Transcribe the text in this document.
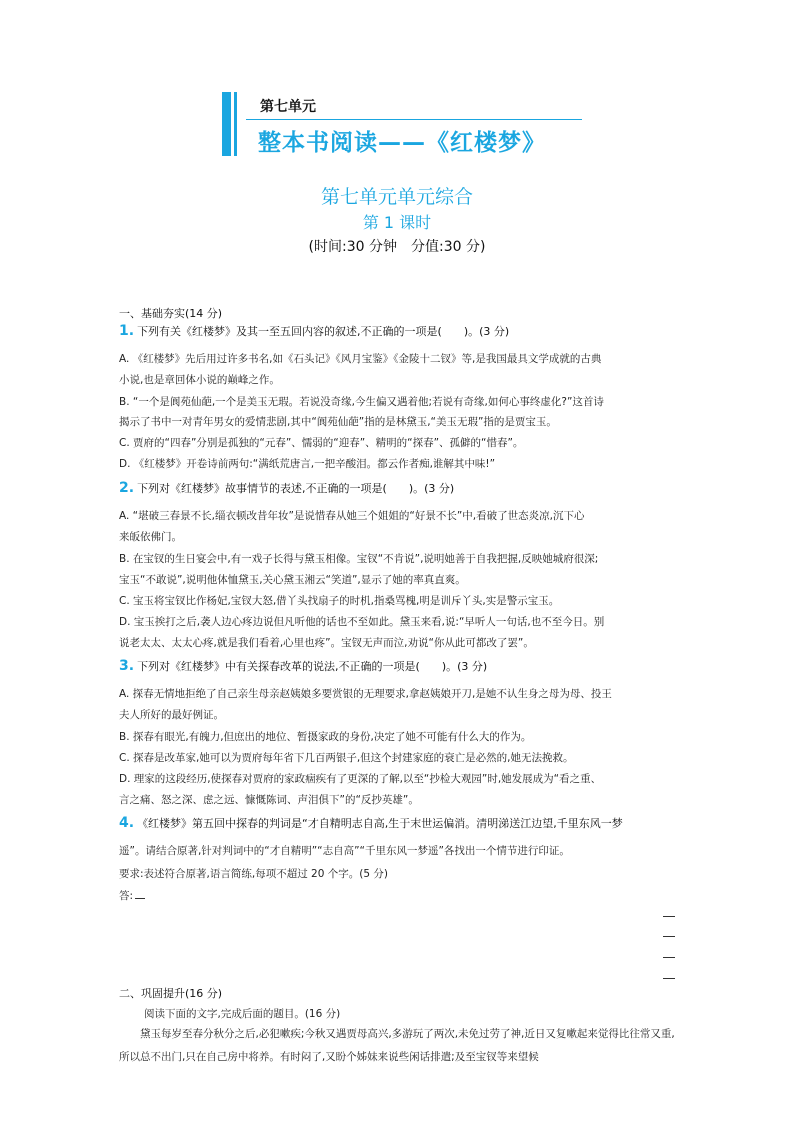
第七单元
整本书阅读——《红楼梦》
第七单元单元综合
第 1 课时
(时间:30 分钟　分值:30 分)
一、基础夯实(14 分)
1. 下列有关《红楼梦》及其一至五回内容的叙述,不正确的一项是(　　)。(3 分)
A. 《红楼梦》先后用过许多书名,如《石头记》《风月宝鉴》《金陵十二钗》等,是我国最具文学成就的古典
小说,也是章回体小说的巅峰之作。
B. “一个是阆苑仙葩,一个是美玉无瑕。若说没奇缘,今生偏又遇着他;若说有奇缘,如何心事终虚化?”这首诗
揭示了书中一对青年男女的爱情悲剧,其中“阆苑仙葩”指的是林黛玉,“美玉无瑕”指的是贾宝玉。
C. 贾府的“四春”分别是孤独的“元春”、懦弱的“迎春”、精明的“探春”、孤僻的“惜春”。
D. 《红楼梦》开卷诗前两句:“满纸荒唐言,一把辛酸泪。都云作者痴,谁解其中味!”
2. 下列对《红楼梦》故事情节的表述,不正确的一项是(　　)。(3 分)
A. “堪破三春景不长,缁衣顿改昔年妆”是说惜春从她三个姐姐的“好景不长”中,看破了世态炎凉,沉下心
来皈依佛门。
B. 在宝钗的生日宴会中,有一戏子长得与黛玉相像。宝钗“不肯说”,说明她善于自我把握,反映她城府很深;
宝玉“不敢说”,说明他体恤黛玉,关心黛玉湘云“笑道”,显示了她的率真直爽。
C. 宝玉将宝钗比作杨妃,宝钗大怒,借丫头找扇子的时机,指桑骂槐,明是训斥丫头,实是警示宝玉。
D. 宝玉挨打之后,袭人边心疼边说但凡听他的话也不至如此。黛玉来看,说:“早听人一句话,也不至今日。别
说老太太、太太心疼,就是我们看着,心里也疼”。宝钗无声而泣,劝说“你从此可都改了罢”。
3. 下列对《红楼梦》中有关探春改革的说法,不正确的一项是(　　)。(3 分)
A. 探春无情地拒绝了自己亲生母亲赵姨娘多要赏银的无理要求,拿赵姨娘开刀,是她不认生身之母为母、投王
夫人所好的最好例证。
B. 探春有眼光,有魄力,但庶出的地位、暂摄家政的身份,决定了她不可能有什么大的作为。
C. 探春是改革家,她可以为贾府每年省下几百两银子,但这个封建家庭的衰亡是必然的,她无法挽救。
D. 理家的这段经历,使探春对贾府的家政痼疾有了更深的了解,以至“抄检大观园”时,她发展成为“看之重、
言之痛、怒之深、虑之远、慷慨陈词、声泪俱下”的“反抄英雄”。
4. 《红楼梦》第五回中探春的判词是“才自精明志自高,生于末世运偏消。清明涕送江边望,千里东风一梦
遥”。请结合原著,针对判词中的“才自精明”“志自高”“千里东风一梦遥”各找出一个情节进行印证。
要求:表述符合原著,语言简练,每项不超过 20 个字。(5 分)
答:
二、巩固提升(16 分)
阅读下面的文字,完成后面的题目。(16 分)
黛玉每岁至春分秋分之后,必犯嗽疾;今秋又遇贾母高兴,多游玩了两次,未免过劳了神,近日又复嗽起来觉得比往常又重,所以总不出门,只在自己房中将养。有时闷了,又盼个姊妹来说些闲话排遣;及至宝钗等来望候
